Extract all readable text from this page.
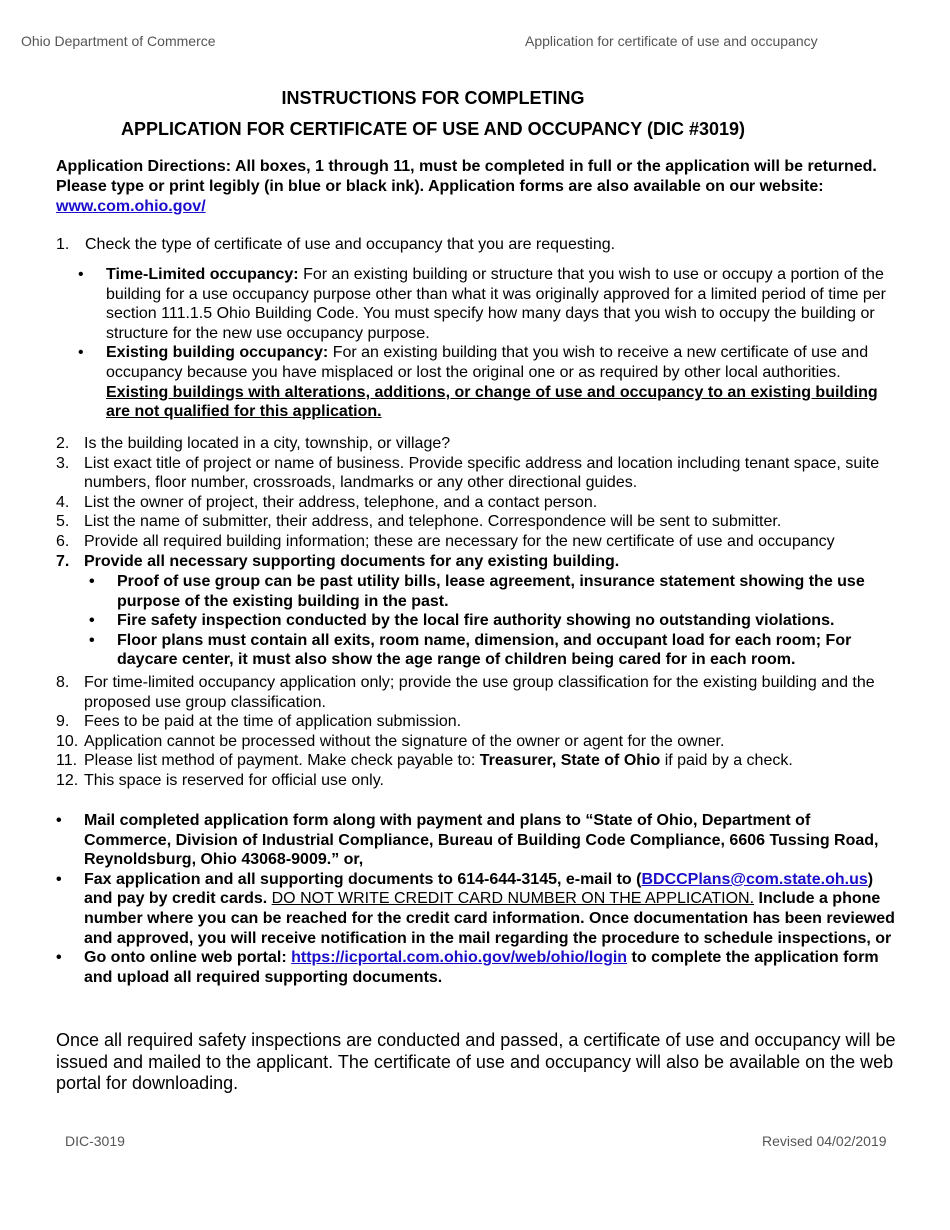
Ohio Department of Commerce	Application for certificate of use and occupancy
INSTRUCTIONS FOR COMPLETING
APPLICATION FOR CERTIFICATE OF USE AND OCCUPANCY (DIC #3019)
Application Directions: All boxes, 1 through 11, must be completed in full or the application will be returned. Please type or print legibly (in blue or black ink). Application forms are also available on our website: www.com.ohio.gov/
1. Check the type of certificate of use and occupancy that you are requesting.
• Time-Limited occupancy: For an existing building or structure that you wish to use or occupy a portion of the building for a use occupancy purpose other than what it was originally approved for a limited period of time per section 111.1.5 Ohio Building Code. You must specify how many days that you wish to occupy the building or structure for the new use occupancy purpose.
• Existing building occupancy: For an existing building that you wish to receive a new certificate of use and occupancy because you have misplaced or lost the original one or as required by other local authorities. Existing buildings with alterations, additions, or change of use and occupancy to an existing building are not qualified for this application.
2. Is the building located in a city, township, or village?
3. List exact title of project or name of business. Provide specific address and location including tenant space, suite numbers, floor number, crossroads, landmarks or any other directional guides.
4. List the owner of project, their address, telephone, and a contact person.
5. List the name of submitter, their address, and telephone. Correspondence will be sent to submitter.
6. Provide all required building information; these are necessary for the new certificate of use and occupancy
7. Provide all necessary supporting documents for any existing building.
• Proof of use group can be past utility bills, lease agreement, insurance statement showing the use purpose of the existing building in the past.
• Fire safety inspection conducted by the local fire authority showing no outstanding violations.
• Floor plans must contain all exits, room name, dimension, and occupant load for each room; For daycare center, it must also show the age range of children being cared for in each room.
8. For time-limited occupancy application only; provide the use group classification for the existing building and the proposed use group classification.
9. Fees to be paid at the time of application submission.
10. Application cannot be processed without the signature of the owner or agent for the owner.
11. Please list method of payment. Make check payable to: Treasurer, State of Ohio if paid by a check.
12. This space is reserved for official use only.
• Mail completed application form along with payment and plans to “State of Ohio, Department of Commerce, Division of Industrial Compliance, Bureau of Building Code Compliance, 6606 Tussing Road, Reynoldsburg, Ohio 43068-9009.” or,
• Fax application and all supporting documents to 614-644-3145, e-mail to (BDCCPlans@com.state.oh.us) and pay by credit cards. DO NOT WRITE CREDIT CARD NUMBER ON THE APPLICATION. Include a phone number where you can be reached for the credit card information. Once documentation has been reviewed and approved, you will receive notification in the mail regarding the procedure to schedule inspections, or
• Go onto online web portal: https://icportal.com.ohio.gov/web/ohio/login to complete the application form and upload all required supporting documents.
Once all required safety inspections are conducted and passed, a certificate of use and occupancy will be issued and mailed to the applicant. The certificate of use and occupancy will also be available on the web portal for downloading.
DIC-3019	Revised 04/02/2019
